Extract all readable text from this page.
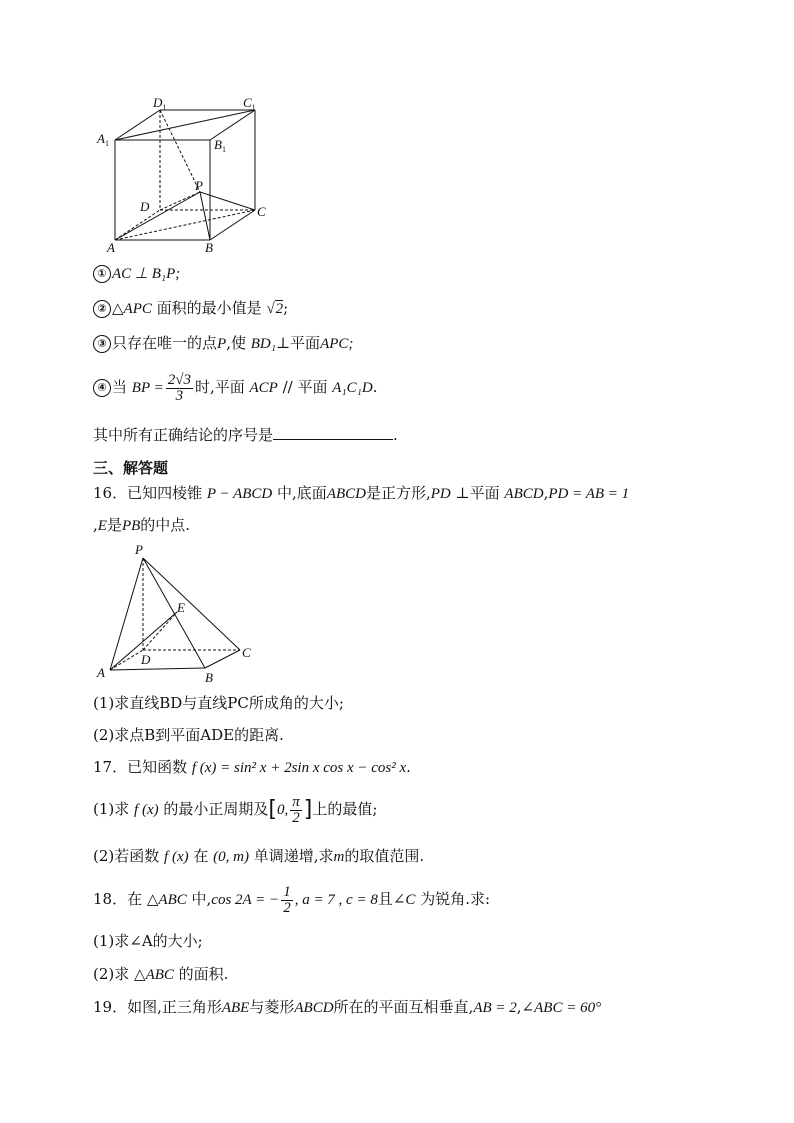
$D_1$	$C_1$
$A_1$	$B_1$
P
D	C
A	B
① AC ⊥ B₁P;
② △APC 面积的最小值是 √2;
③ 只存在唯一的点P,使 BD₁⊥平面APC;
④ 当 BP = $\frac{2√3}{3}$ 时,平面 ACP // 平面 A₁C₁D.
其中所有正确结论的序号是	.
三、解答题
16．已知四棱锥 P − ABCD 中,底面ABCD是正方形,PD ⊥平面 ABCD,PD = AB = 1
,E是PB的中点.
P
E
D
A	B
C
(1)求直线BD与直线PC所成角的大小;
(2)求点B到平面ADE的距离.
17．已知函数 f (x) = sin² x + 2sin x cos x − cos² x.
(1)求 f (x) 的最小正周期及[0, $\frac{\pi}{2}$ ]上的最值;
(2)若函数 f (x) 在 (0, m) 单调递增,求m的取值范围.
18．在 △ABC 中,cos 2A = − $\frac{1}{2}$ , a = 7 , c = 8且∠C 为锐角.求:
(1)求∠A的大小;
(2)求 △ABC 的面积.
19．如图,正三角形ABE与菱形ABCD所在的平面互相垂直,AB = 2,∠ABC = 60°
